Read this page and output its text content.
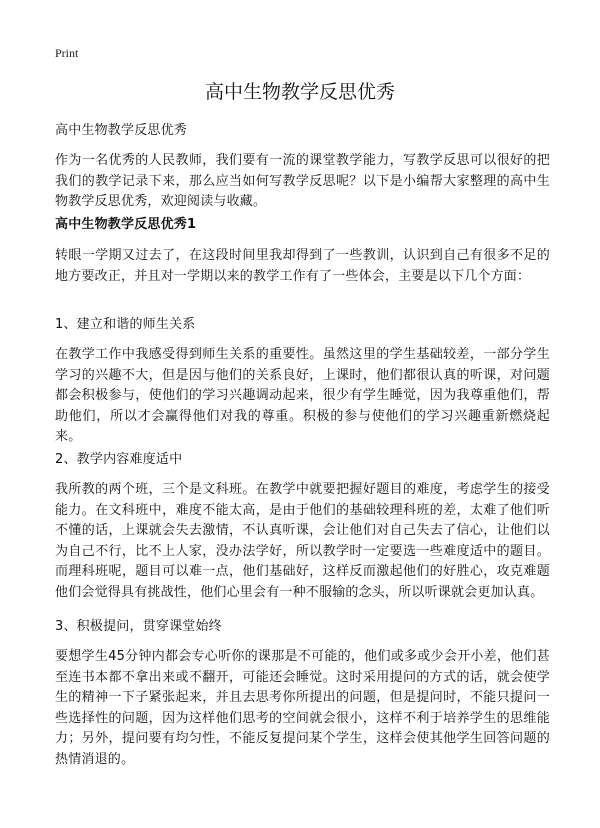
Print
高中生物教学反思优秀
高中生物教学反思优秀
作为一名优秀的人民教师，我们要有一流的课堂教学能力，写教学反思可以很好的把我们的教学记录下来，那么应当如何写教学反思呢？以下是小编帮大家整理的高中生物教学反思优秀，欢迎阅读与收藏。
高中生物教学反思优秀1
转眼一学期又过去了，在这段时间里我却得到了一些教训，认识到自己有很多不足的地方要改正，并且对一学期以来的教学工作有了一些体会，主要是以下几个方面：
1、建立和谐的师生关系
在教学工作中我感受得到师生关系的重要性。虽然这里的学生基础较差，一部分学生学习的兴趣不大，但是因与他们的关系良好，上课时，他们都很认真的听课，对问题都会积极参与，使他们的学习兴趣调动起来，很少有学生睡觉，因为我尊重他们，帮助他们，所以才会赢得他们对我的尊重。积极的参与使他们的学习兴趣重新燃烧起来。
2、教学内容难度适中
我所教的两个班，三个是文科班。在教学中就要把握好题目的难度，考虑学生的接受能力。在文科班中，难度不能太高，是由于他们的基础较理科班的差，太难了他们听不懂的话，上课就会失去激情，不认真听课，会让他们对自己失去了信心，让他们以为自己不行，比不上人家，没办法学好，所以教学时一定要选一些难度适中的题目。而理科班呢，题目可以难一点，他们基础好，这样反而激起他们的好胜心，攻克难题他们会觉得具有挑战性，他们心里会有一种不服输的念头，所以听课就会更加认真。
3、积极提问，贯穿课堂始终
要想学生45分钟内都会专心听你的课那是不可能的，他们或多或少会开小差，他们甚至连书本都不拿出来或不翻开，可能还会睡觉。这时采用提问的方式的话，就会使学生的精神一下子紧张起来，并且去思考你所提出的问题，但是提问时，不能只提问一些选择性的问题，因为这样他们思考的空间就会很小，这样不利于培养学生的思维能力；另外，提问要有均匀性，不能反复提问某个学生，这样会使其他学生回答问题的热情消退的。
